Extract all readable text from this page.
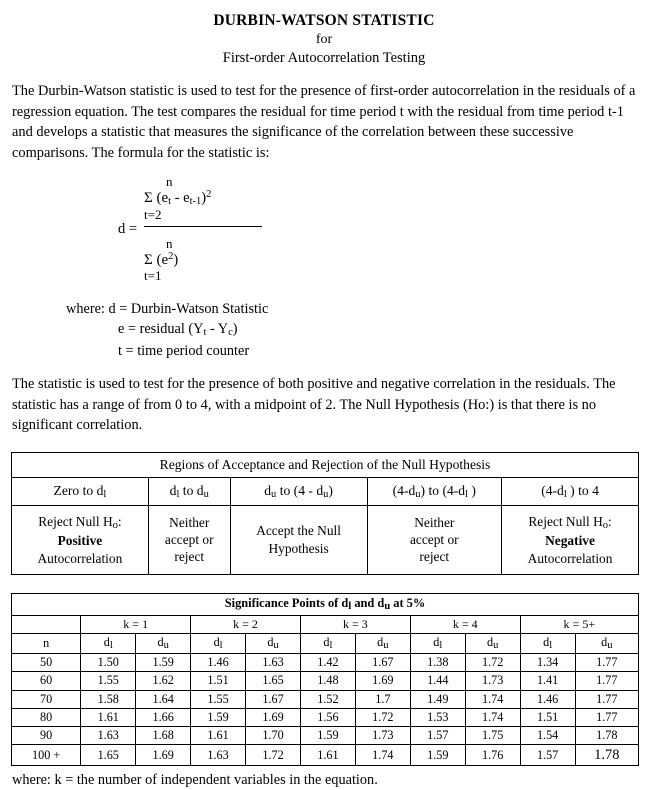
DURBIN-WATSON STATISTIC
for
First-order Autocorrelation Testing
The Durbin-Watson statistic is used to test for the presence of first-order autocorrelation in the residuals of a regression equation. The test compares the residual for time period t with the residual from time period t-1 and develops a statistic that measures the significance of the correlation between these successive comparisons. The formula for the statistic is:
n
Σ (et - et-1)$^2$
t=2
d =
n
Σ $(e^2)$
t=1
where: d = Durbin-Watson Statistic
e = residual (Yt - Yc)
t = time period counter
The statistic is used to test for the presence of both positive and negative correlation in the residuals. The statistic has a range of from 0 to 4, with a midpoint of 2. The Null Hypothesis (Ho:) is that there is no significant correlation.
Regions of Acceptance and Rejection of the Null Hypothesis				
Zero to dl	dl to du	du to (4 - du)	(4-du) to (4-dl )	(4-dl ) to 4

Reject Null Ho:
Positive
Autocorrelation

Neither
accept or
reject

Accept the Null
Hypothesis

Neither
accept or
reject

Reject Null Ho:
Negative
Autocorrelation
Significance Points of dl and du at 5%										
	k = 1		k = 2		k = 3		k = 4		k = 5+	
n	dl	du	dl	du	dl	du	dl	du	dl	du
50	1.50	1.59	1.46	1.63	1.42	1.67	1.38	1.72	1.34	1.77
60	1.55	1.62	1.51	1.65	1.48	1.69	1.44	1.73	1.41	1.77
70	1.58	1.64	1.55	1.67	1.52	1.7	1.49	1.74	1.46	1.77
80	1.61	1.66	1.59	1.69	1.56	1.72	1.53	1.74	1.51	1.77
90	1.63	1.68	1.61	1.70	1.59	1.73	1.57	1.75	1.54	1.78
100 +	1.65	1.69	1.63	1.72	1.61	1.74	1.59	1.76	1.57	1.78
where: k = the number of independent variables in the equation.
